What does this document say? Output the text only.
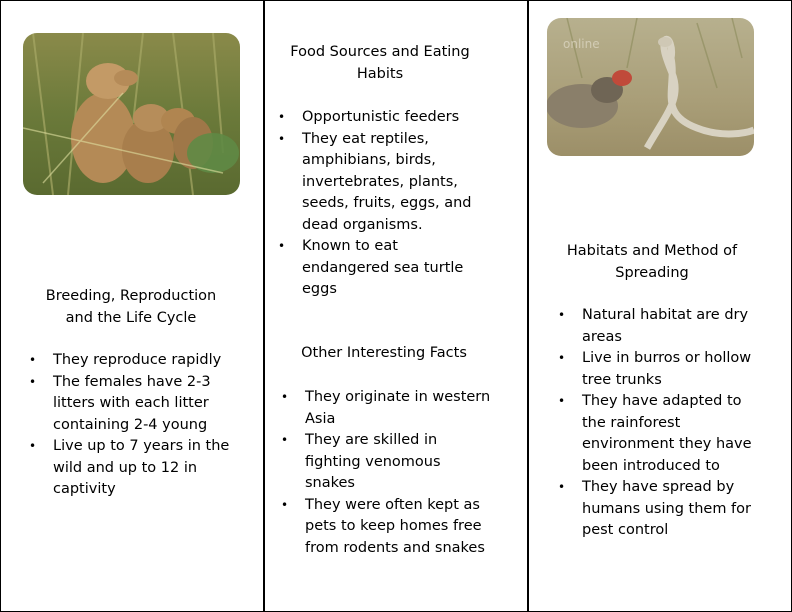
Breeding, Reproduction
and the Life Cycle
• They reproduce rapidly
• The females have 2-3 litters with each litter containing 2-4 young
• Live up to 7 years in the wild and up to 12 in captivity
Food Sources and Eating
Habits
• Opportunistic feeders
• They eat reptiles, amphibians, birds, invertebrates, plants, seeds, fruits, eggs, and dead organisms.
• Known to eat endangered sea turtle eggs
Other Interesting Facts
• They originate in western Asia
• They are skilled in fighting venomous snakes
• They were often kept as pets to keep homes free from rodents and snakes
online
Habitats and Method of
Spreading
• Natural habitat are dry areas
• Live in burros or hollow tree trunks
• They have adapted to the rainforest environment they have been introduced to
• They have spread by humans using them for pest control
